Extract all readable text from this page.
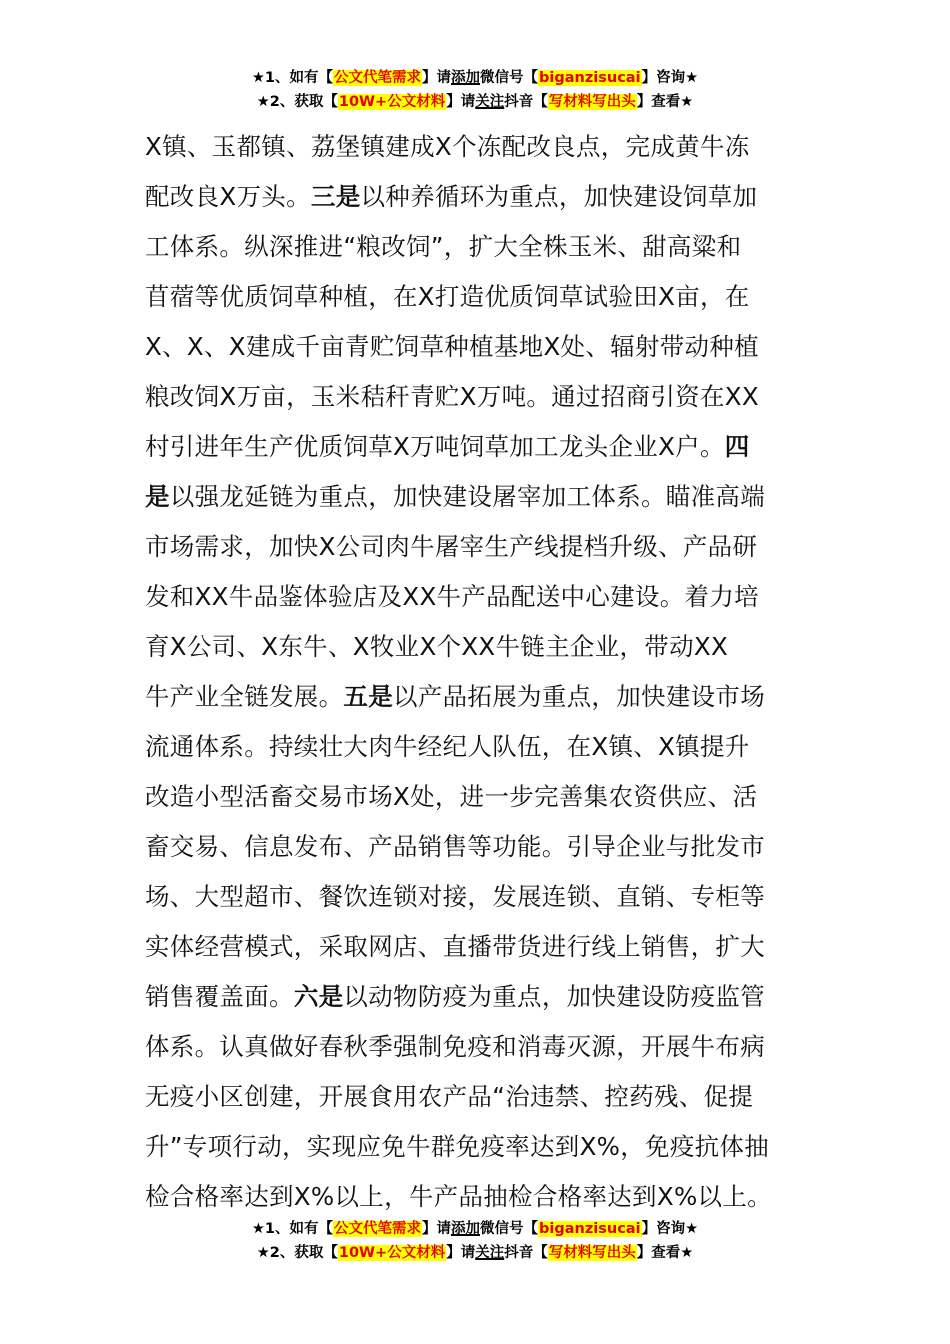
★1、如有【公文代笔需求】请添加微信号【biganzisucai】咨询★
★2、获取【10W+公文材料】请关注抖音【写材料写出头】查看★
X镇、玉都镇、荔堡镇建成X个冻配改良点，完成黄牛冻
配改良X万头。三是以种养循环为重点，加快建设饲草加
工体系。纵深推进“粮改饲”，扩大全株玉米、甜高粱和
苜蓿等优质饲草种植，在X打造优质饲草试验田X亩，在
X、X、X建成千亩青贮饲草种植基地X处、辐射带动种植
粮改饲X万亩，玉米秸秆青贮X万吨。通过招商引资在XX
村引进年生产优质饲草X万吨饲草加工龙头企业X户。四
是以强龙延链为重点，加快建设屠宰加工体系。瞄准高端
市场需求，加快X公司肉牛屠宰生产线提档升级、产品研
发和XX牛品鉴体验店及XX牛产品配送中心建设。着力培
育X公司、X东牛、X牧业X个XX牛链主企业，带动XX
牛产业全链发展。五是以产品拓展为重点，加快建设市场
流通体系。持续壮大肉牛经纪人队伍，在X镇、X镇提升
改造小型活畜交易市场X处，进一步完善集农资供应、活
畜交易、信息发布、产品销售等功能。引导企业与批发市
场、大型超市、餐饮连锁对接，发展连锁、直销、专柜等
实体经营模式，采取网店、直播带货进行线上销售，扩大
销售覆盖面。六是以动物防疫为重点，加快建设防疫监管
体系。认真做好春秋季强制免疫和消毒灭源，开展牛布病
无疫小区创建，开展食用农产品“治违禁、控药残、促提
升”专项行动，实现应免牛群免疫率达到X%，免疫抗体抽
检合格率达到X%以上，牛产品抽检合格率达到X%以上。
★1、如有【公文代笔需求】请添加微信号【biganzisucai】咨询★
★2、获取【10W+公文材料】请关注抖音【写材料写出头】查看★
